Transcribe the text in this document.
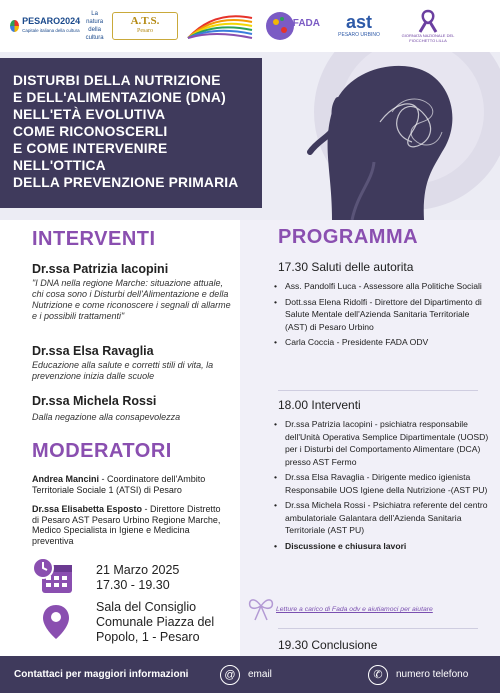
PESARO2024
Capitale italiana della cultura
La natura della cultura
A.T.S.
Pesaro
FADA ast
PESARO URBINO	GIORNATA NAZIONALE DEL FIOCCHETTO LILLA
DISTURBI DELLA NUTRIZIONE
E DELL'ALIMENTAZIONE (DNA)
NELL'ETÀ EVOLUTIVA
COME RICONOSCERLI
E COME INTERVENIRE
NELL'OTTICA
DELLA PREVENZIONE PRIMARIA
INTERVENTI
Dr.ssa Patrizia Iacopini
"I DNA nella regione Marche: situazione attuale, chi cosa sono i Disturbi dell'Alimentazione e della Nutrizione e come riconoscere i segnali di allarme e i possibili trattamenti"
Dr.ssa Elsa Ravaglia
Educazione alla salute e corretti stili di vita, la prevenzione inizia dalle scuole
Dr.ssa Michela Rossi
Dalla negazione alla consapevolezza
MODERATORI
Andrea Mancini - Coordinatore dell'Ambito Territoriale Sociale 1 (ATSI) di Pesaro
Dr.ssa Elisabetta Esposto - Direttore Distretto di Pesaro AST Pesaro Urbino Regione Marche, Medico Specialista in Igiene e Medicina preventiva
21 Marzo 2025
17.30 - 19.30
Sala del Consiglio
Comunale Piazza del
Popolo, 1 - Pesaro
PROGRAMMA
17.30 Saluti delle autorita
• Ass. Pandolfi Luca - Assessore alla Politiche Sociali
• Dott.ssa Elena Ridolfi - Direttore del Dipartimento di Salute Mentale dell'Azienda Sanitaria Territoriale (AST) di Pesaro Urbino
• Carla Coccia - Presidente FADA ODV
18.00 Interventi
• Dr.ssa Patrizia Iacopini - psichiatra responsabile dell'Unità Operativa Semplice Dipartimentale (UOSD) per i Disturbi del Comportamento Alimentare (DCA) presso AST Fermo
• Dr.ssa Elsa Ravaglia - Dirigente medico igienista Responsabile UOS Igiene della Nutrizione -(AST PU)
• Dr.ssa Michela Rossi - Psichiatra referente del centro ambulatoriale Galantara dell'Azienda Sanitaria Territoriale (AST PU)
• Discussione e chiusura lavori
Letture a carico di Fada odv e aiutiamoci per aiutare
19.30 Conclusione
Contattaci per maggiori informazioni	@	email	✆	numero telefono
